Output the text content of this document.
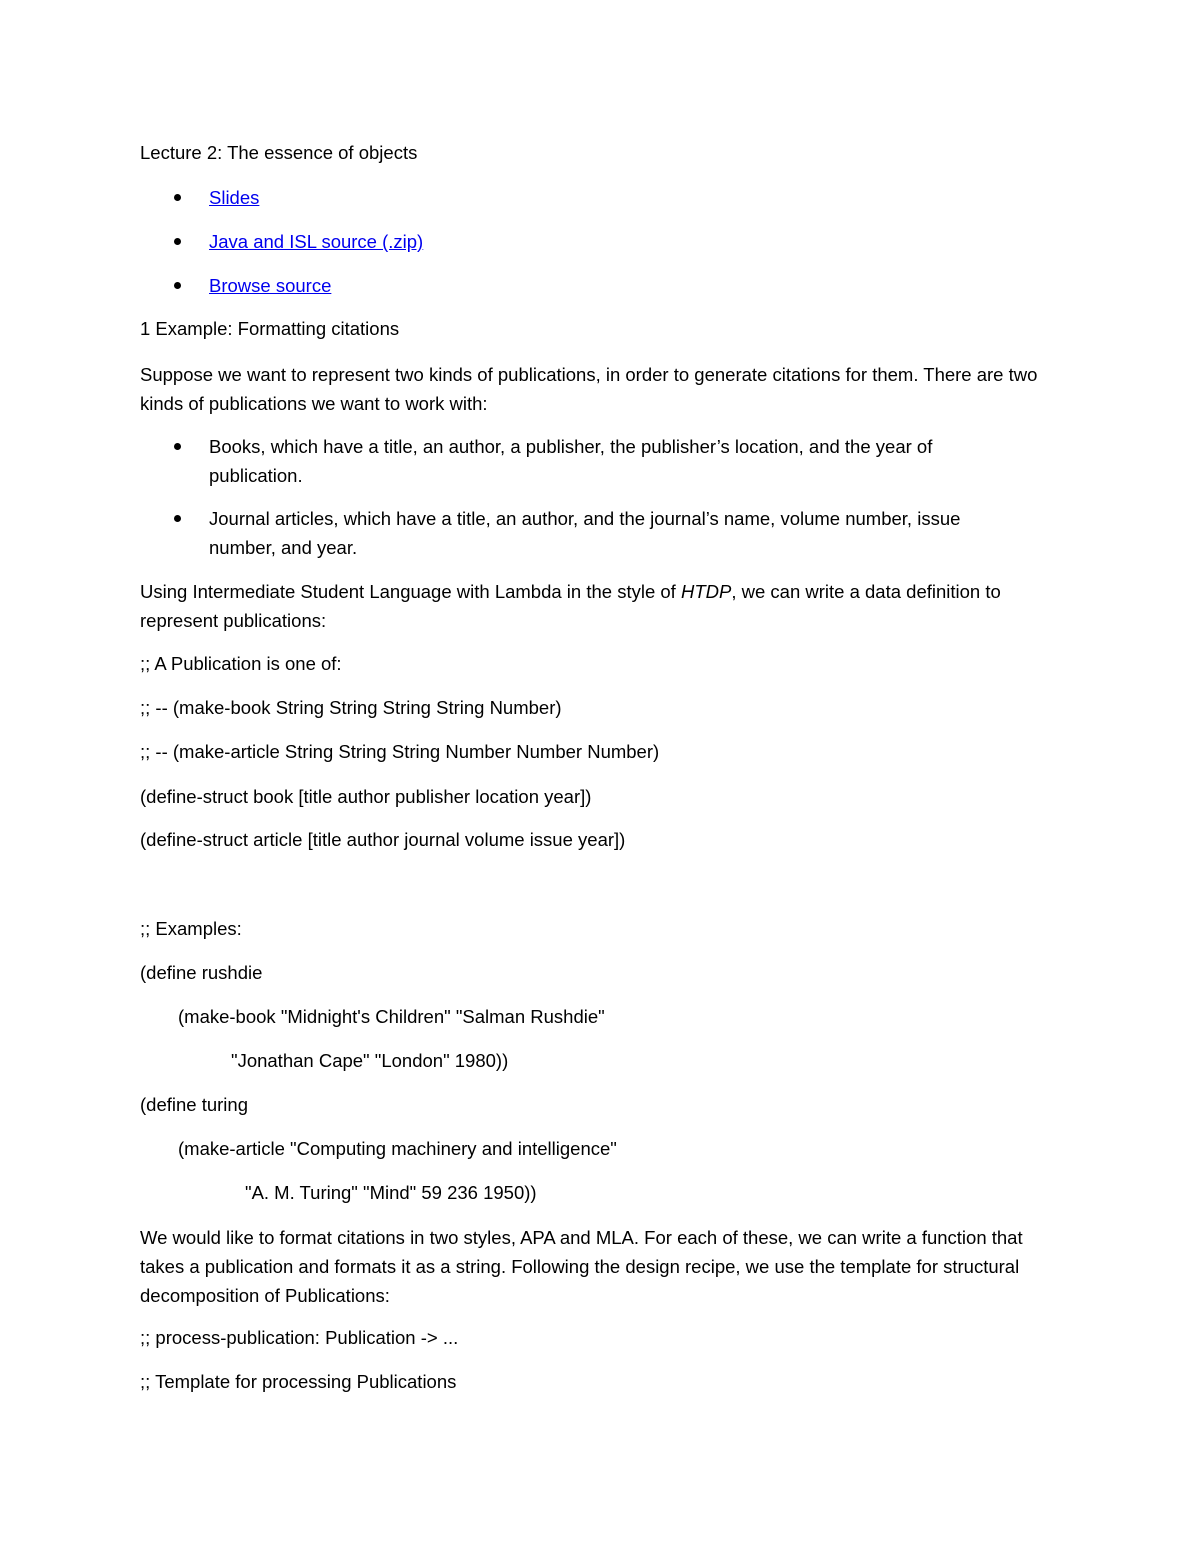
Lecture 2: The essence of objects
Slides
Java and ISL source (.zip)
Browse source
1 Example: Formatting citations
Suppose we want to represent two kinds of publications, in order to generate citations for them. There are two kinds of publications we want to work with:
Books, which have a title, an author, a publisher, the publisher’s location, and the year of publication.
Journal articles, which have a title, an author, and the journal’s name, volume number, issue number, and year.
Using Intermediate Student Language with Lambda in the style of HTDP, we can write a data definition to represent publications:
;; A Publication is one of:
;; -- (make-book String String String String Number)
;; -- (make-article String String String Number Number Number)
(define-struct book [title author publisher location year])
(define-struct article [title author journal volume issue year])
;; Examples:
(define rushdie
(make-book "Midnight's Children" "Salman Rushdie"
"Jonathan Cape" "London" 1980))
(define turing
(make-article "Computing machinery and intelligence"
"A. M. Turing" "Mind" 59 236 1950))
We would like to format citations in two styles, APA and MLA. For each of these, we can write a function that takes a publication and formats it as a string. Following the design recipe, we use the template for structural decomposition of Publications:
;; process-publication: Publication -> ...
;; Template for processing Publications
